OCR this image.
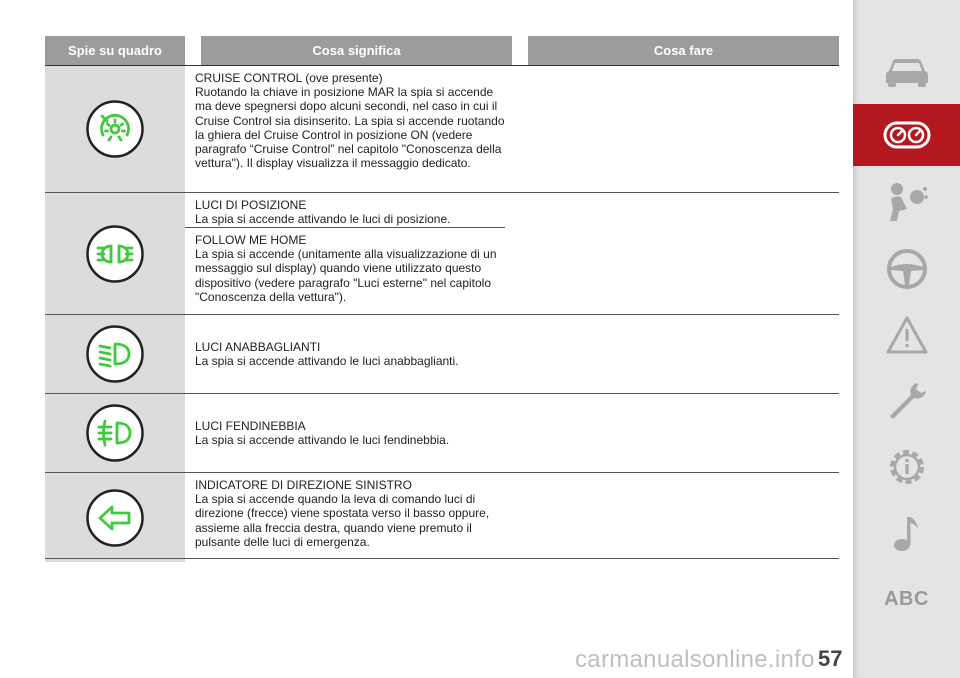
Spie su quadro	Cosa significa	Cosa fare
CRUISE CONTROL (ove presente)
Ruotando la chiave in posizione MAR la spia si accende ma deve spegnersi dopo alcuni secondi, nel caso in cui il Cruise Control sia disinserito. La spia si accende ruotando la ghiera del Cruise Control in posizione ON (vedere paragrafo “Cruise Control” nel capitolo "Conoscenza della vettura"). Il display visualizza il messaggio dedicato.
LUCI DI POSIZIONE
La spia si accende attivando le luci di posizione.
FOLLOW ME HOME
La spia si accende (unitamente alla visualizzazione di un messaggio sul display) quando viene utilizzato questo dispositivo (vedere paragrafo "Luci esterne" nel capitolo "Conoscenza della vettura").
LUCI ANABBAGLIANTI
La spia si accende attivando le luci anabbaglianti.
LUCI FENDINEBBIA
La spia si accende attivando le luci fendinebbia.
INDICATORE DI DIREZIONE SINISTRO
La spia si accende quando la leva di comando luci di direzione (frecce) viene spostata verso il basso oppure, assieme alla freccia destra, quando viene premuto il pulsante delle luci di emergenza.
carmanualsonline.info 57
ABC
